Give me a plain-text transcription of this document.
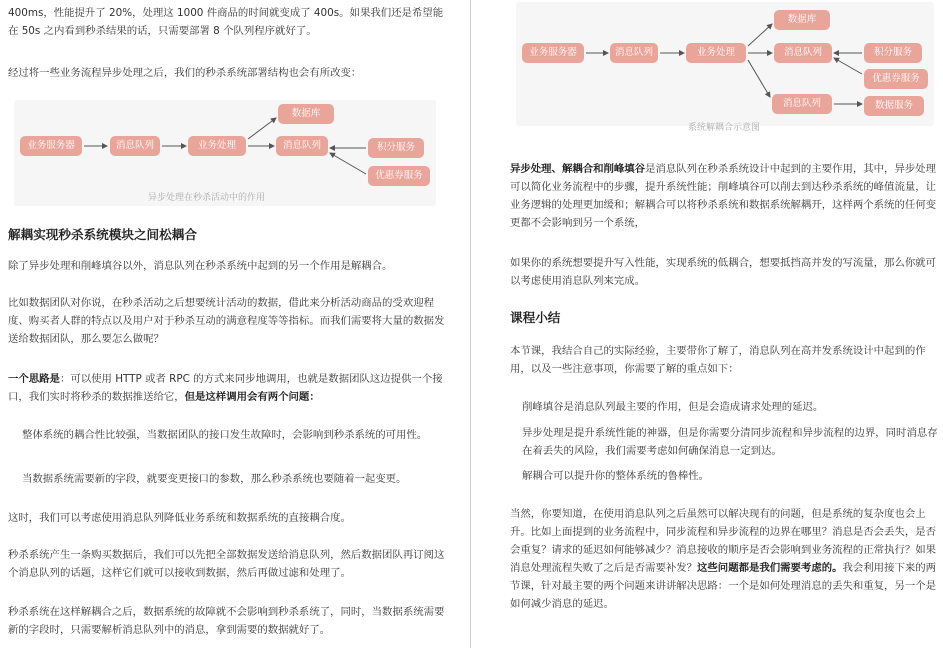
400ms，性能提升了 20%，处理这 1000 件商品的时间就变成了 400s。如果我们还是希望能在 50s 之内看到秒杀结果的话，只需要部署 8 个队列程序就好了。

经过将一些业务流程异步处理之后，我们的秒杀系统部署结构也会有所改变：

业务服务器	消息队列	业务处理
数据库
消息队列	积分服务
优惠券服务
异步处理在秒杀活动中的作用
解耦实现秒杀系统模块之间松耦合

除了异步处理和削峰填谷以外，消息队列在秒杀系统中起到的另一个作用是解耦合。

比如数据团队对你说，在秒杀活动之后想要统计活动的数据，借此来分析活动商品的受欢迎程度、购买者人群的特点以及用户对于秒杀互动的满意程度等等指标。而我们需要将大量的数据发送给数据团队，那么要怎么做呢？

一个思路是：可以使用 HTTP 或者 RPC 的方式来同步地调用，也就是数据团队这边提供一个接口，我们实时将秒杀的数据推送给它，但是这样调用会有两个问题：

整体系统的耦合性比较强，当数据团队的接口发生故障时，会影响到秒杀系统的可用性。

当数据系统需要新的字段，就要变更接口的参数，那么秒杀系统也要随着一起变更。

这时，我们可以考虑使用消息队列降低业务系统和数据系统的直接耦合度。

秒杀系统产生一条购买数据后，我们可以先把全部数据发送给消息队列，然后数据团队再订阅这个消息队列的话题，这样它们就可以接收到数据，然后再做过滤和处理了。

秒杀系统在这样解耦合之后，数据系统的故障就不会影响到秒杀系统了，同时，当数据系统需要新的字段时，只需要解析消息队列中的消息，拿到需要的数据就好了。

业务服务器	消息队列	业务处理
数据库
消息队列
消息队列
积分服务
优惠券服务
数据服务
系统解耦合示意图

异步处理、解耦合和削峰填谷是消息队列在秒杀系统设计中起到的主要作用，其中，异步处理可以简化业务流程中的步骤，提升系统性能；削峰填谷可以削去到达秒杀系统的峰值流量，让业务逻辑的处理更加缓和；解耦合可以将秒杀系统和数据系统解耦开，这样两个系统的任何变更都不会影响到另一个系统，

如果你的系统想要提升写入性能，实现系统的低耦合，想要抵挡高并发的写流量，那么你就可以考虑使用消息队列来完成。

课程小结

本节课，我结合自己的实际经验，主要带你了解了，消息队列在高并发系统设计中起到的作用，以及一些注意事项，你需要了解的重点如下：

削峰填谷是消息队列最主要的作用，但是会造成请求处理的延迟。

异步处理是提升系统性能的神器，但是你需要分清同步流程和异步流程的边界，同时消息存在着丢失的风险，我们需要考虑如何确保消息一定到达。

解耦合可以提升你的整体系统的鲁棒性。

当然，你要知道，在使用消息队列之后虽然可以解决现有的问题，但是系统的复杂度也会上升。比如上面提到的业务流程中，同步流程和异步流程的边界在哪里？消息是否会丢失，是否会重复？请求的延迟如何能够减少？消息接收的顺序是否会影响到业务流程的正常执行？如果消息处理流程失败了之后是否需要补发？这些问题都是我们需要考虑的。我会利用接下来的两节课，针对最主要的两个问题来讲讲解决思路：一个是如何处理消息的丢失和重复，另一个是如何减少消息的延迟。
